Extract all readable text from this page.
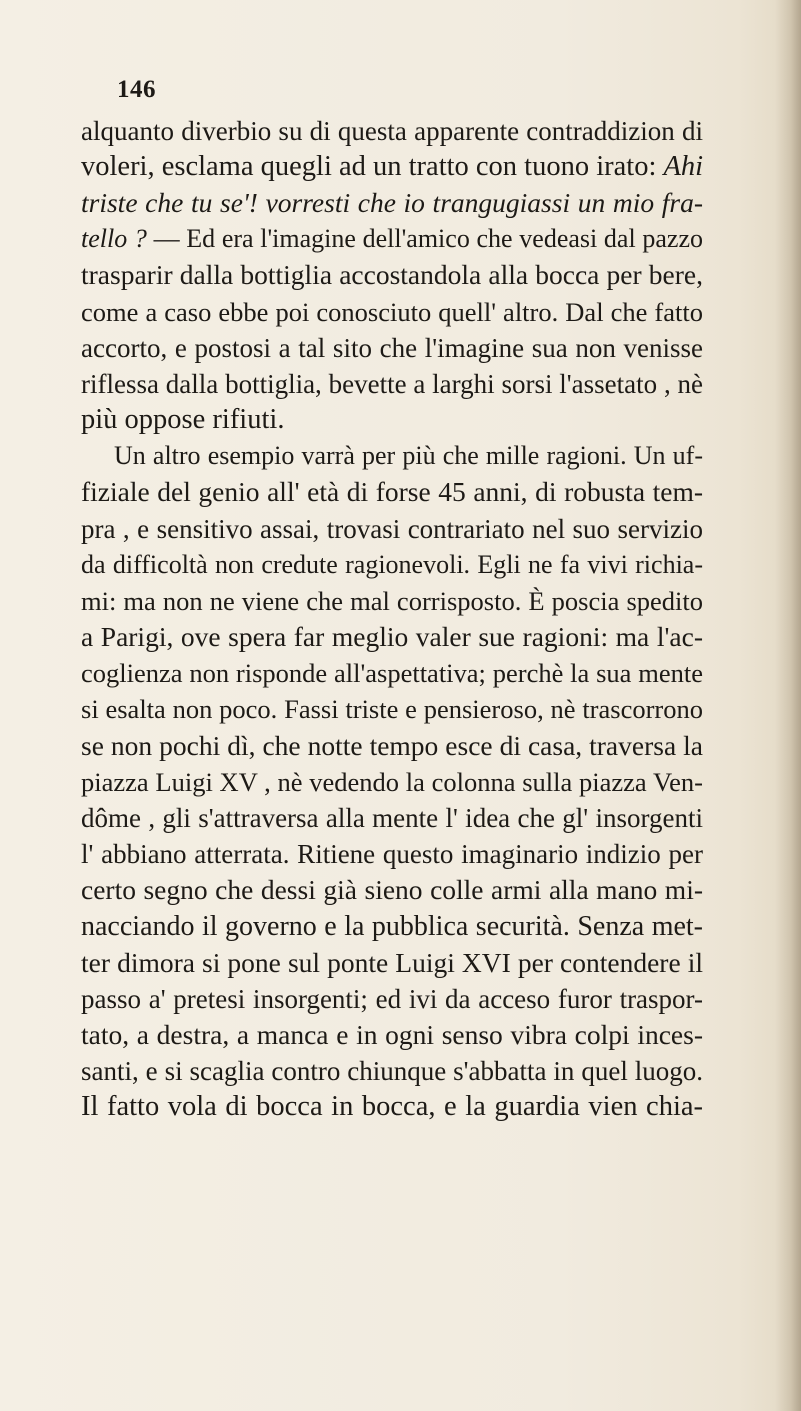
146
alquanto diverbio su di questa apparente contraddizion di
voleri, esclama quegli ad un tratto con tuono irato: Ahi
triste che tu se'! vorresti che io trangugiassi un mio fra-
tello ? — Ed era l'imagine dell'amico che vedeasi dal pazzo
trasparir dalla bottiglia accostandola alla bocca per bere,
come a caso ebbe poi conosciuto quell' altro. Dal che fatto
accorto, e postosi a tal sito che l'imagine sua non venisse
riflessa dalla bottiglia, bevette a larghi sorsi l'assetato , nè
più oppose rifiuti.
Un altro esempio varrà per più che mille ragioni. Un uf-
fiziale del genio all' età di forse 45 anni, di robusta tem-
pra , e sensitivo assai, trovasi contrariato nel suo servizio
da difficoltà non credute ragionevoli. Egli ne fa vivi richia-
mi: ma non ne viene che mal corrisposto. È poscia spedito
a Parigi, ove spera far meglio valer sue ragioni: ma l'ac-
coglienza non risponde all'aspettativa; perchè la sua mente
si esalta non poco. Fassi triste e pensieroso, nè trascorrono
se non pochi dì, che notte tempo esce di casa, traversa la
piazza Luigi XV , nè vedendo la colonna sulla piazza Ven-
dôme , gli s'attraversa alla mente l' idea che gl' insorgenti
l' abbiano atterrata. Ritiene questo imaginario indizio per
certo segno che dessi già sieno colle armi alla mano mi-
nacciando il governo e la pubblica securità. Senza met-
ter dimora si pone sul ponte Luigi XVI per contendere il
passo a' pretesi insorgenti; ed ivi da acceso furor traspor-
tato, a destra, a manca e in ogni senso vibra colpi inces-
santi, e si scaglia contro chiunque s'abbatta in quel luogo.
Il fatto vola di bocca in bocca, e la guardia vien chia-
